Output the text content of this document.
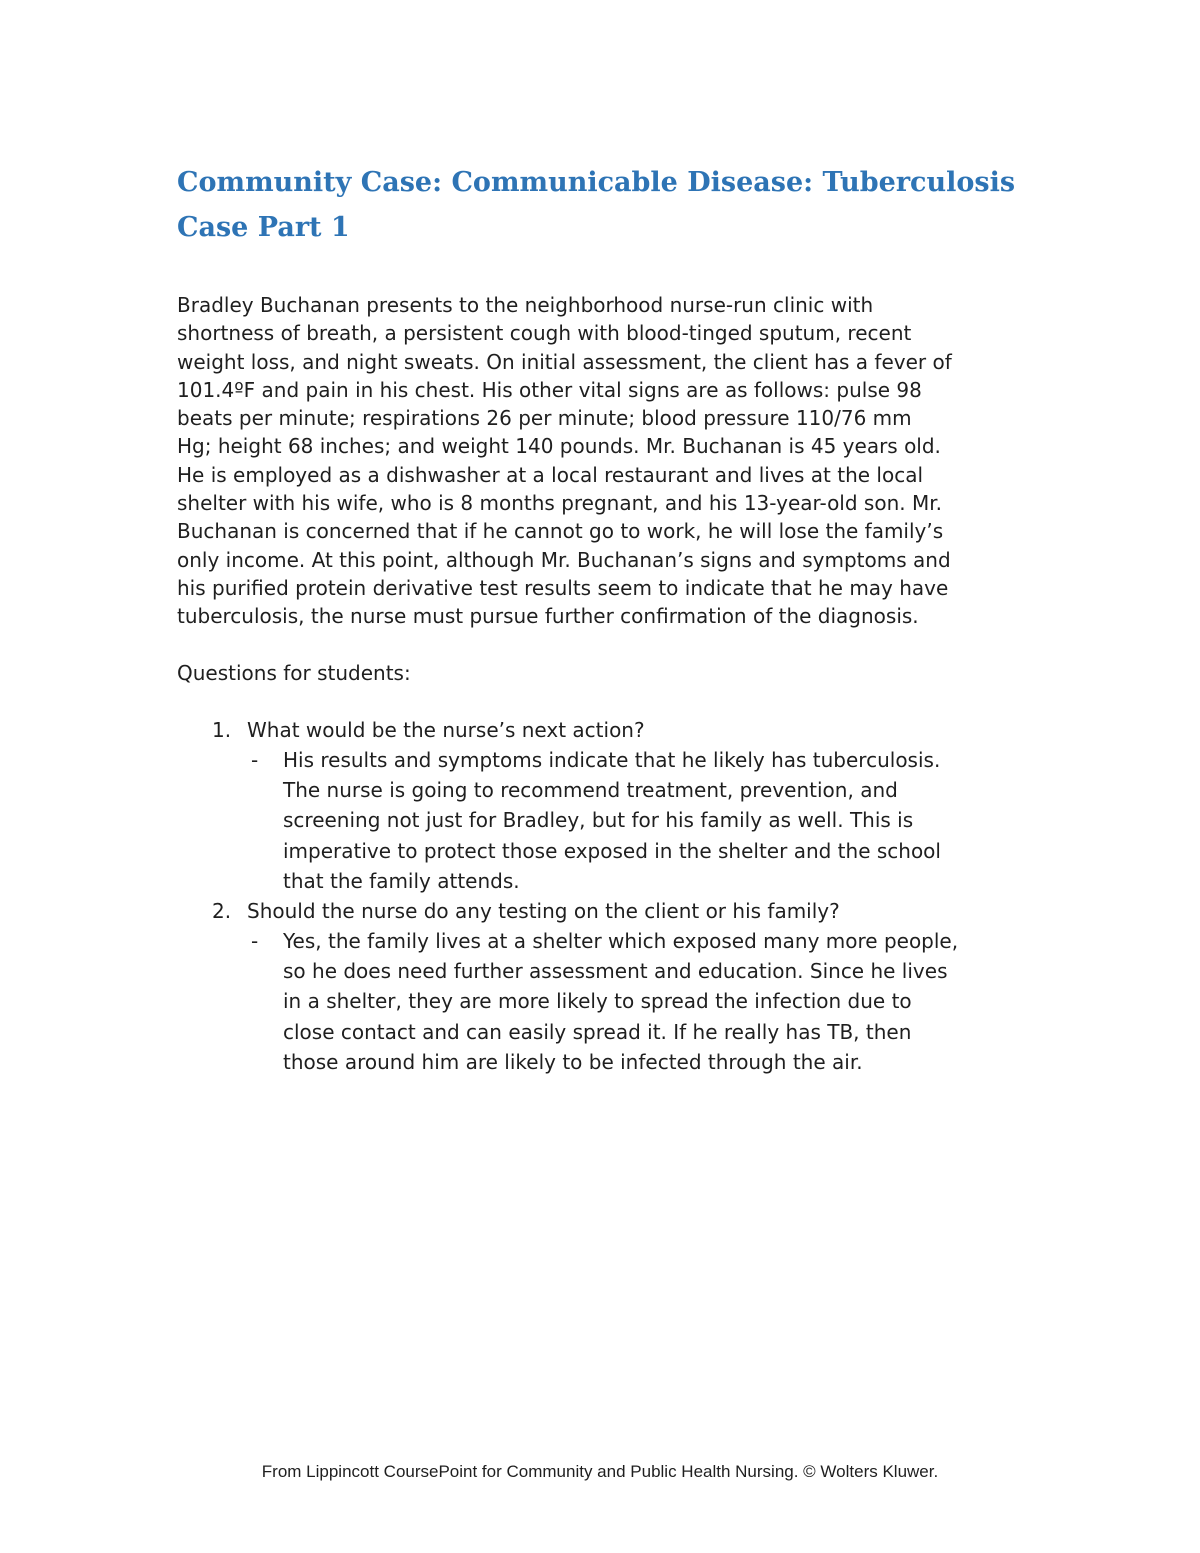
Community Case: Communicable Disease: Tuberculosis
Case Part 1

Bradley Buchanan presents to the neighborhood nurse-run clinic with
shortness of breath, a persistent cough with blood-tinged sputum, recent
weight loss, and night sweats. On initial assessment, the client has a fever of
101.4ºF and pain in his chest. His other vital signs are as follows: pulse 98
beats per minute; respirations 26 per minute; blood pressure 110/76 mm
Hg; height 68 inches; and weight 140 pounds. Mr. Buchanan is 45 years old.
He is employed as a dishwasher at a local restaurant and lives at the local
shelter with his wife, who is 8 months pregnant, and his 13-year-old son. Mr.
Buchanan is concerned that if he cannot go to work, he will lose the family’s
only income. At this point, although Mr. Buchanan’s signs and symptoms and
his purified protein derivative test results seem to indicate that he may have
tuberculosis, the nurse must pursue further confirmation of the diagnosis.

Questions for students:

1. What would be the nurse’s next action?
- His results and symptoms indicate that he likely has tuberculosis.
The nurse is going to recommend treatment, prevention, and
screening not just for Bradley, but for his family as well. This is
imperative to protect those exposed in the shelter and the school
that the family attends.
2. Should the nurse do any testing on the client or his family?
- Yes, the family lives at a shelter which exposed many more people,
so he does need further assessment and education. Since he lives
in a shelter, they are more likely to spread the infection due to
close contact and can easily spread it. If he really has TB, then
those around him are likely to be infected through the air.
From Lippincott CoursePoint for Community and Public Health Nursing. © Wolters Kluwer.
